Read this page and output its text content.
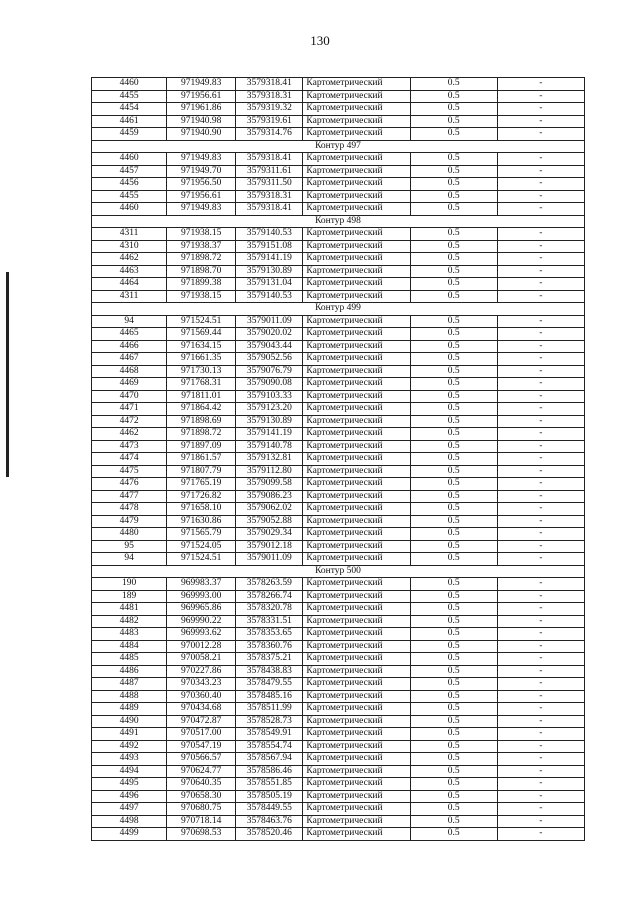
130
4460	971949.83	3579318.41	Картометрический	0.5	-
4455	971956.61	3579318.31	Картометрический	0.5	-
4454	971961.86	3579319.32	Картометрический	0.5	-
4461	971940.98	3579319.61	Картометрический	0.5	-
4459	971940.90	3579314.76	Картометрический	0.5	-
Контур 497					
4460	971949.83	3579318.41	Картометрический	0.5	-
4457	971949.70	3579311.61	Картометрический	0.5	-
4456	971956.50	3579311.50	Картометрический	0.5	-
4455	971956.61	3579318.31	Картометрический	0.5	-
4460	971949.83	3579318.41	Картометрический	0.5	-
Контур 498					
4311	971938.15	3579140.53	Картометрический	0.5	-
4310	971938.37	3579151.08	Картометрический	0.5	-
4462	971898.72	3579141.19	Картометрический	0.5	-
4463	971898.70	3579130.89	Картометрический	0.5	-
4464	971899.38	3579131.04	Картометрический	0.5	-
4311	971938.15	3579140.53	Картометрический	0.5	-
Контур 499					
94	971524.51	3579011.09	Картометрический	0.5	-
4465	971569.44	3579020.02	Картометрический	0.5	-
4466	971634.15	3579043.44	Картометрический	0.5	-
4467	971661.35	3579052.56	Картометрический	0.5	-
4468	971730.13	3579076.79	Картометрический	0.5	-
4469	971768.31	3579090.08	Картометрический	0.5	-
4470	971811.01	3579103.33	Картометрический	0.5	-
4471	971864.42	3579123.20	Картометрический	0.5	-
4472	971898.69	3579130.89	Картометрический	0.5	-
4462	971898.72	3579141.19	Картометрический	0.5	-
4473	971897.09	3579140.78	Картометрический	0.5	-
4474	971861.57	3579132.81	Картометрический	0.5	-
4475	971807.79	3579112.80	Картометрический	0.5	-
4476	971765.19	3579099.58	Картометрический	0.5	-
4477	971726.82	3579086.23	Картометрический	0.5	-
4478	971658.10	3579062.02	Картометрический	0.5	-
4479	971630.86	3579052.88	Картометрический	0.5	-
4480	971565.79	3579029.34	Картометрический	0.5	-
95	971524.05	3579012.18	Картометрический	0.5	-
94	971524.51	3579011.09	Картометрический	0.5	-
Контур 500					
190	969983.37	3578263.59	Картометрический	0.5	-
189	969993.00	3578266.74	Картометрический	0.5	-
4481	969965.86	3578320.78	Картометрический	0.5	-
4482	969990.22	3578331.51	Картометрический	0.5	-
4483	969993.62	3578353.65	Картометрический	0.5	-
4484	970012.28	3578360.76	Картометрический	0.5	-
4485	970058.21	3578375.21	Картометрический	0.5	-
4486	970227.86	3578438.83	Картометрический	0.5	-
4487	970343.23	3578479.55	Картометрический	0.5	-
4488	970360.40	3578485.16	Картометрический	0.5	-
4489	970434.68	3578511.99	Картометрический	0.5	-
4490	970472.87	3578528.73	Картометрический	0.5	-
4491	970517.00	3578549.91	Картометрический	0.5	-
4492	970547.19	3578554.74	Картометрический	0.5	-
4493	970566.57	3578567.94	Картометрический	0.5	-
4494	970624.77	3578586.46	Картометрический	0.5	-
4495	970640.35	3578551.85	Картометрический	0.5	-
4496	970658.30	3578505.19	Картометрический	0.5	-
4497	970680.75	3578449.55	Картометрический	0.5	-
4498	970718.14	3578463.76	Картометрический	0.5	-
4499	970698.53	3578520.46	Картометрический	0.5	-
